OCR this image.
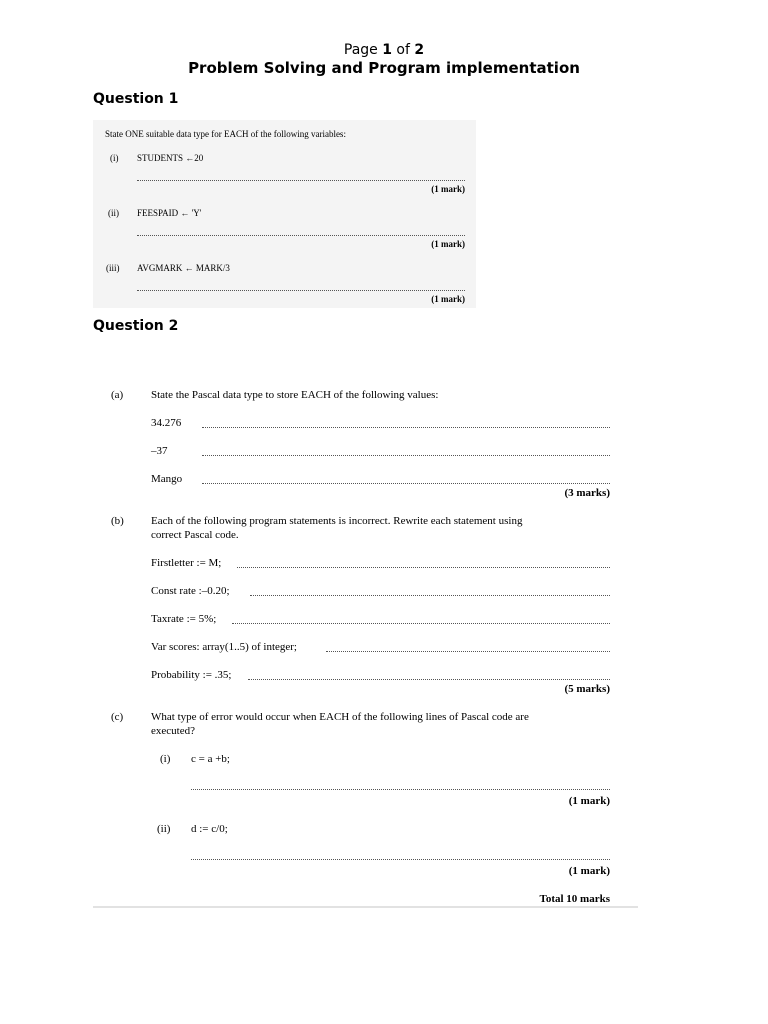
Page 1 of 2
Problem Solving and Program implementation
Question 1
State ONE suitable data type for EACH of the following variables:
(i) STUDENTS ←20
(1 mark)
(ii) FEESPAID ← 'Y'
(1 mark)
(iii) AVGMARK ← MARK/3
(1 mark)
Question 2
(a)	State the Pascal data type to store EACH of the following values:
34.276
–37
Mango
(3 marks)
(b) Each of the following program statements is incorrect. Rewrite each statement using
correct Pascal code.
Firstletter := M;
Const rate :–0.20;
Taxrate := 5%;
Var scores: array(1..5) of integer;
Probability := .35;
(5 marks)
(c)	What type of error would occur when EACH of the following lines of Pascal code are
executed?
(i) c = a +b;
(1 mark)
(ii) d := c/0;
(1 mark)
Total 10 marks
